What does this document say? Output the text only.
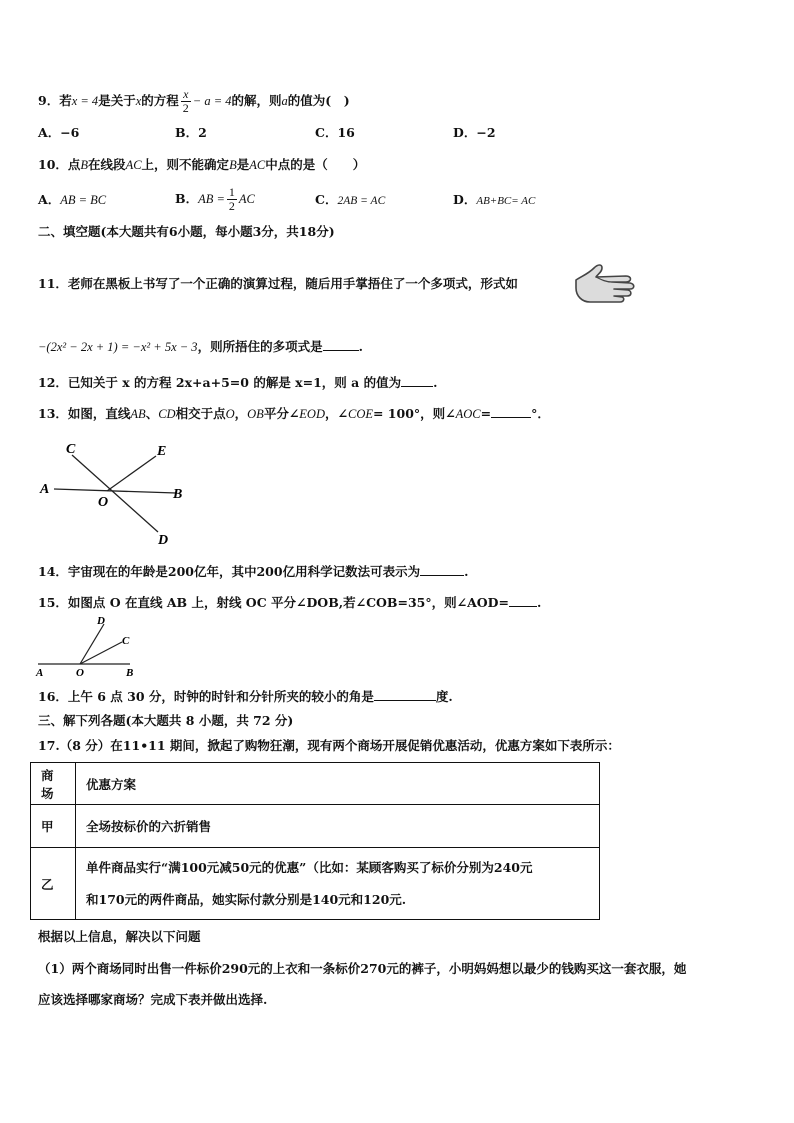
9．若x = 4是关于x的方程 $\frac{x}{2} - a = 4$的解，则a的值为(　)
A．−6	B．2	C．16	D．−2
10．点B在线段AC上，则不能确定B是AC中点的是（　　）
A．AB = BC	B．AB = $\frac{1}{2}$ AC	C．2AB = AC	D．AB+BC= AC
二、填空题(本大题共有6小题，每小题3分，共18分)
11．老师在黑板上书写了一个正确的演算过程，随后用手掌捂住了一个多项式，形式如
−(2x² − 2x + 1) = −x² + 5x − 3，则所捂住的多项式是	.
12．已知关于 x 的方程 2x+a+5=0 的解是 x=1，则 a 的值为	.
13．如图，直线AB、CD相交于点O，OB平分∠EOD，∠COE= 100°，则∠AOC=	°．
C	E
A	B
O
D
14．宇宙现在的年龄是200亿年，其中200亿用科学记数法可表示为	.
15．如图点 O 在直线 AB 上，射线 OC 平分∠DOB,若∠COB=35°，则∠AOD= .
D
C
A	O	B
16．上午 6 点 30 分，时钟的时针和分针所夹的较小的角是	度.
三、解下列各题(本大题共 8 小题，共 72 分)
17.（8 分）在11•11 期间，掀起了购物狂潮，现有两个商场开展促销优惠活动，优惠方案如下表所示：
商场	优惠方案
甲	全场按标价的六折销售
乙	单件商品实行“满100元减50元的优惠”（比如：某顾客购买了标价分别为240元
和170元的两件商品，她实际付款分别是140元和120元.
根据以上信息，解决以下问题
（1）两个商场同时出售一件标价290元的上衣和一条标价270元的裤子，小明妈妈想以最少的钱购买这一套衣服，她
应该选择哪家商场？完成下表并做出选择.
